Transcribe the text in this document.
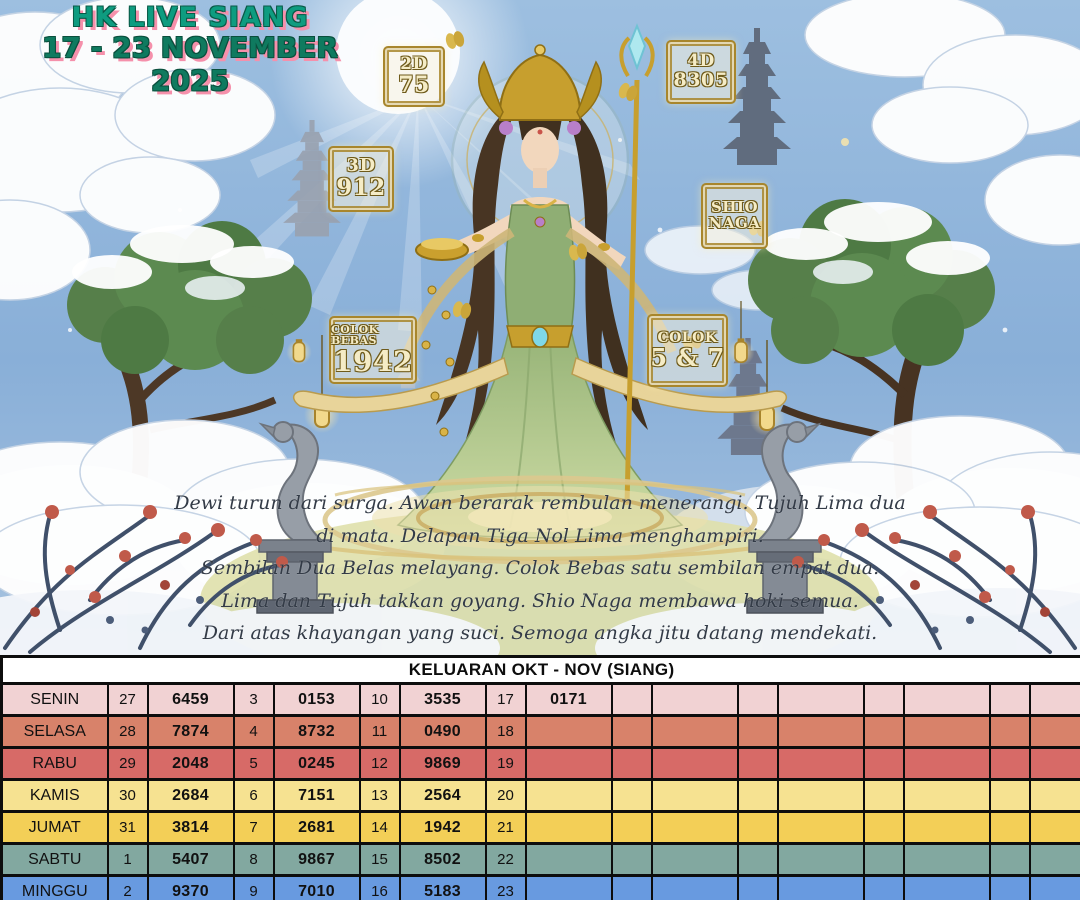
HK LIVE SIANG
17 - 23 NOVEMBER 2025	2D
75
4D
8305
3D
912
SHIO
NAGA
COLOK BEBAS
1942
COLOK
5 & 7
Dewi turun dari surga. Awan berarak rembulan menerangi. Tujuh Lima dua
di mata. Delapan Tiga Nol Lima menghampiri.
Sembilan Dua Belas melayang. Colok Bebas satu sembilan empat dua.
Lima dan Tujuh takkan goyang. Shio Naga membawa hoki semua.
Dari atas khayangan yang suci. Semoga angka jitu datang mendekati.
KELUARAN OKT - NOV (SIANG)																
SENIN	27	6459	3	0153	10	3535	17	0171								
SELASA	28	7874	4	8732	11	0490	18									
RABU	29	2048	5	0245	12	9869	19									
KAMIS	30	2684	6	7151	13	2564	20									
JUMAT	31	3814	7	2681	14	1942	21									
SABTU	1	5407	8	9867	15	8502	22									
MINGGU	2	9370	9	7010	16	5183	23									
